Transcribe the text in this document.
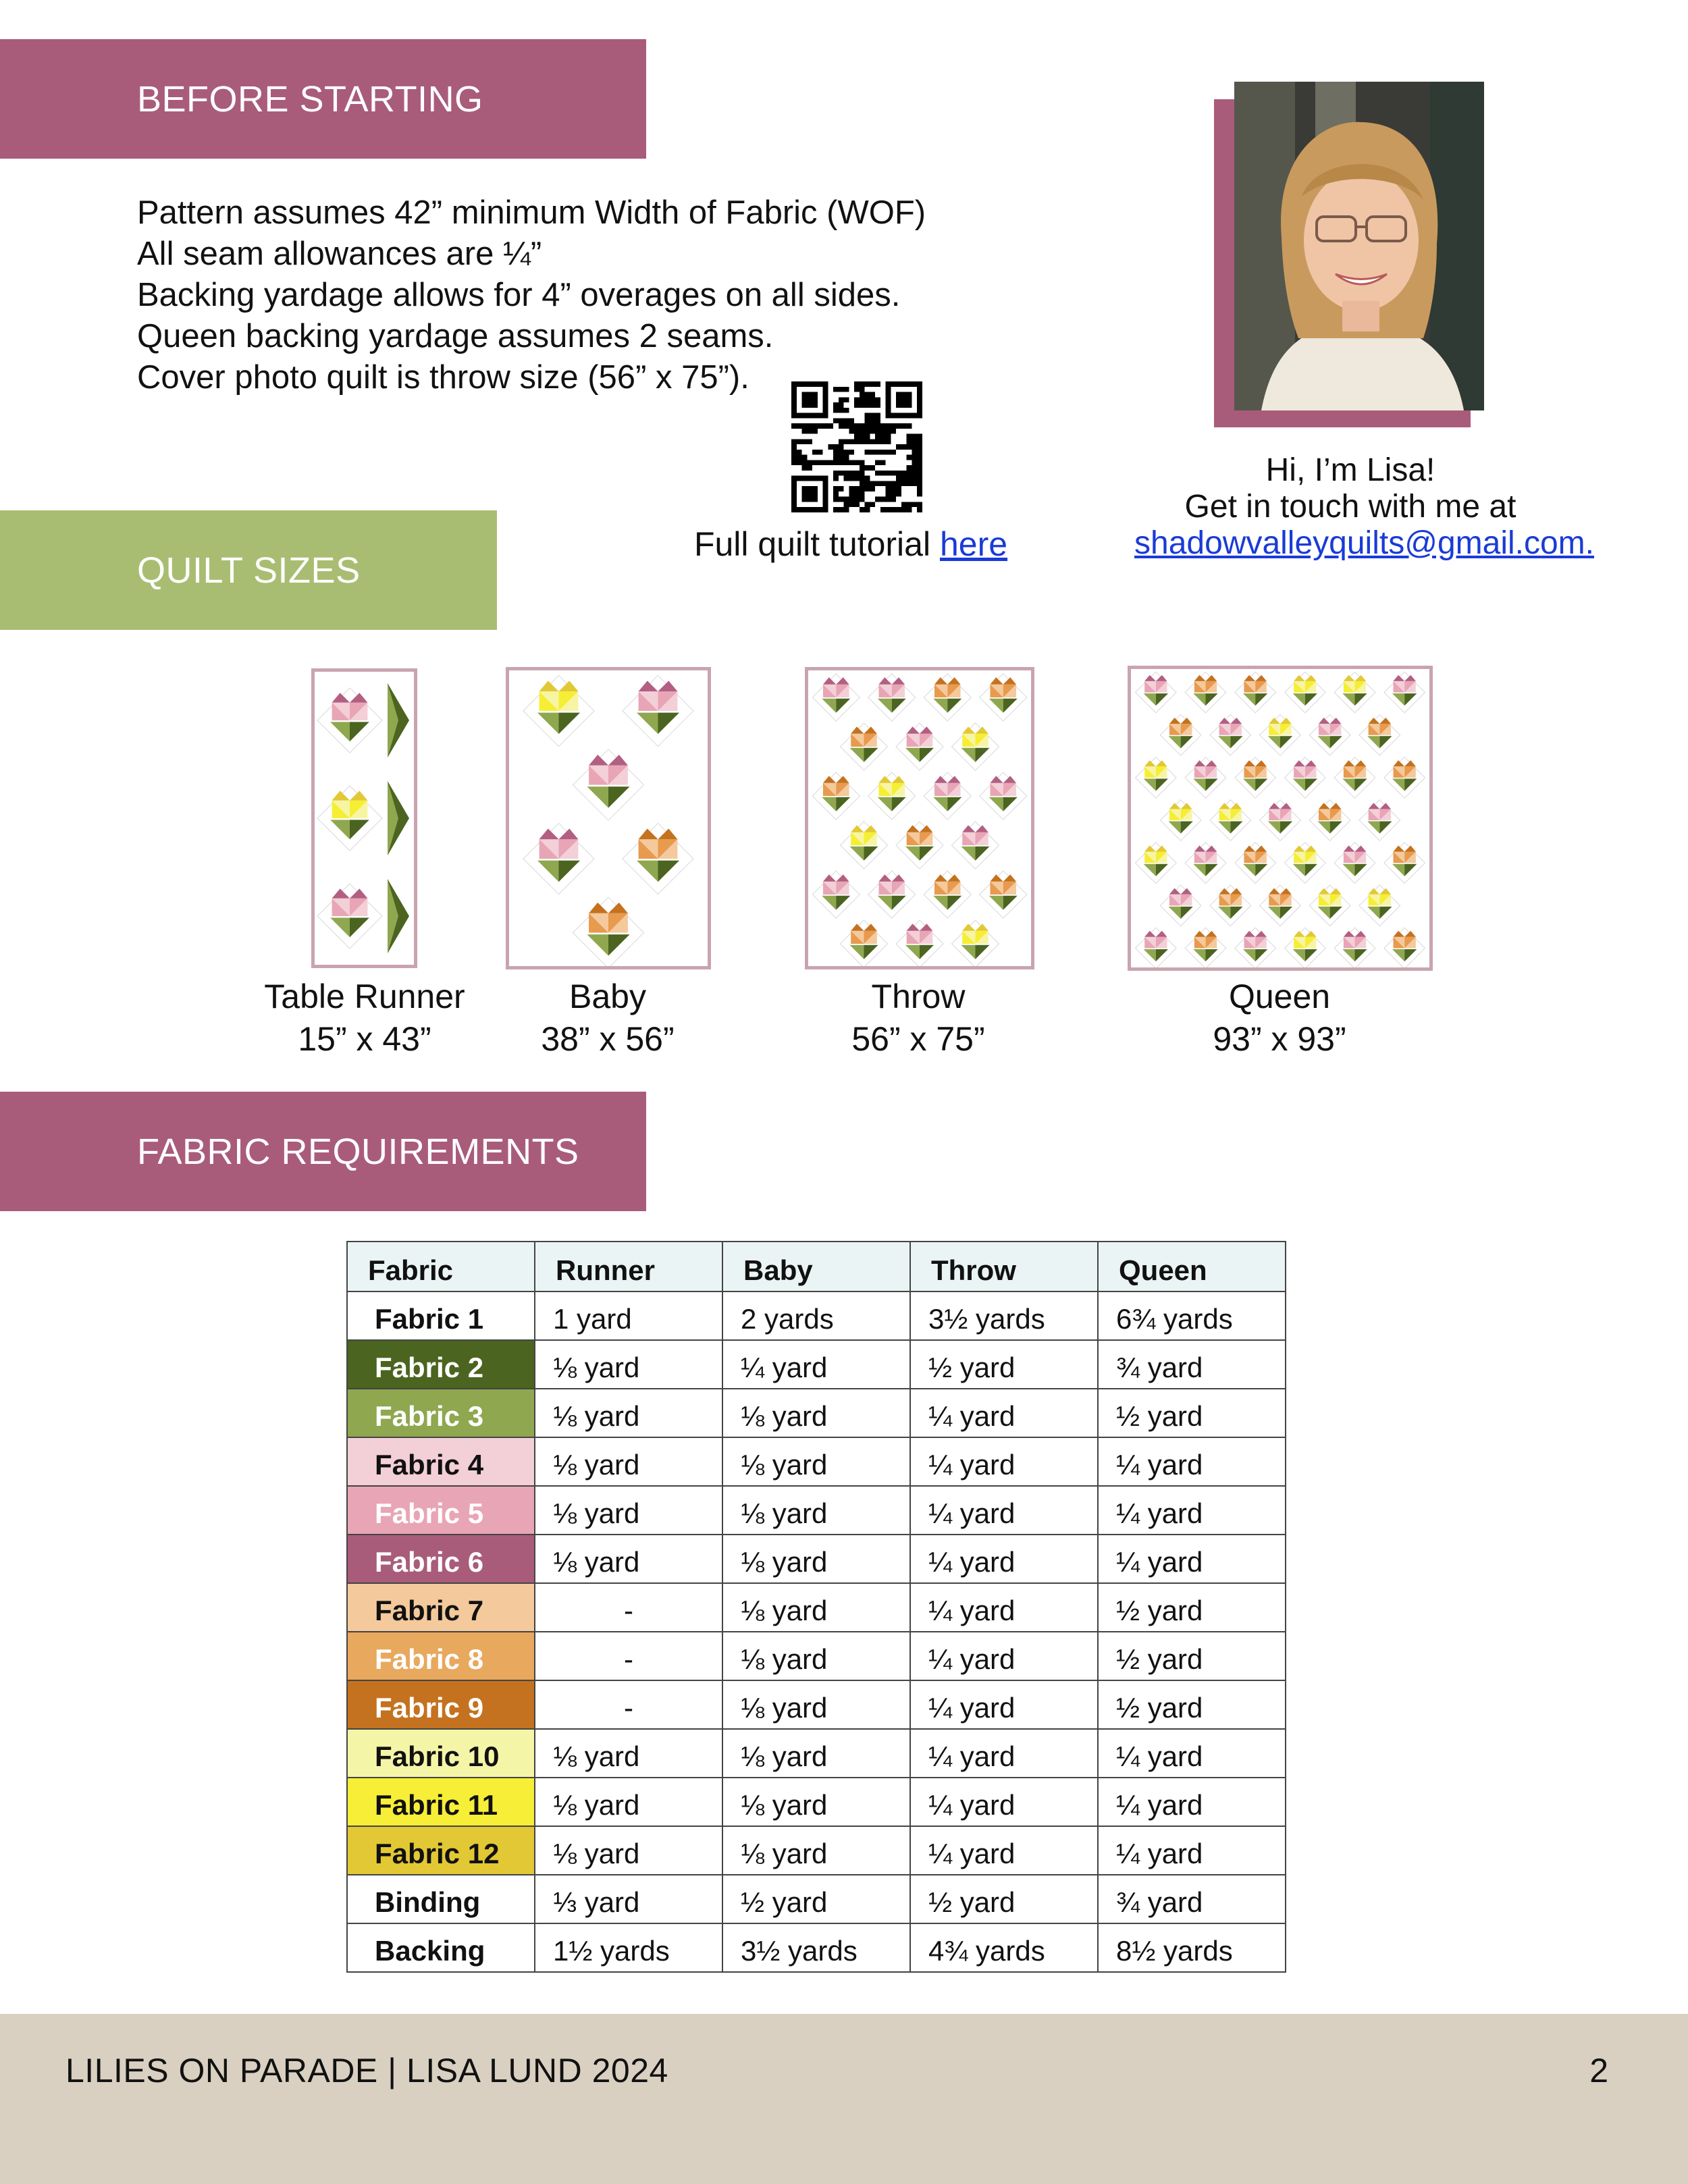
BEFORE STARTING
Pattern assumes 42” minimum Width of Fabric (WOF)
All seam allowances are ¼”
Backing yardage allows for 4” overages on all sides.
Queen backing yardage assumes 2 seams.
Cover photo quilt is throw size (56” x 75”).
Full quilt tutorial here
Hi, I’m Lisa!
Get in touch with me at
shadowvalleyquilts@gmail.com.
QUILT SIZES
Table Runner
15” x 43”
Baby
38” x 56”
Throw
56” x 75”
Queen
93” x 93”
FABRIC REQUIREMENTS
Fabric	Runner	Baby	Throw	Queen
Fabric 1	1 yard	2 yards	3½ yards	6¾ yards
Fabric 2	⅛ yard	¼ yard	½ yard	¾ yard
Fabric 3	⅛ yard	⅛ yard	¼ yard	½ yard
Fabric 4	⅛ yard	⅛ yard	¼ yard	¼ yard
Fabric 5	⅛ yard	⅛ yard	¼ yard	¼ yard
Fabric 6	⅛ yard	⅛ yard	¼ yard	¼ yard
Fabric 7	-	⅛ yard	¼ yard	½ yard
Fabric 8	-	⅛ yard	¼ yard	½ yard
Fabric 9	-	⅛ yard	¼ yard	½ yard
Fabric 10	⅛ yard	⅛ yard	¼ yard	¼ yard
Fabric 11	⅛ yard	⅛ yard	¼ yard	¼ yard
Fabric 12	⅛ yard	⅛ yard	¼ yard	¼ yard
Binding	⅓ yard	½ yard	½ yard	¾ yard
Backing	1½ yards	3½ yards	4¾ yards	8½ yards
LILIES ON PARADE | LISA LUND 2024	2
